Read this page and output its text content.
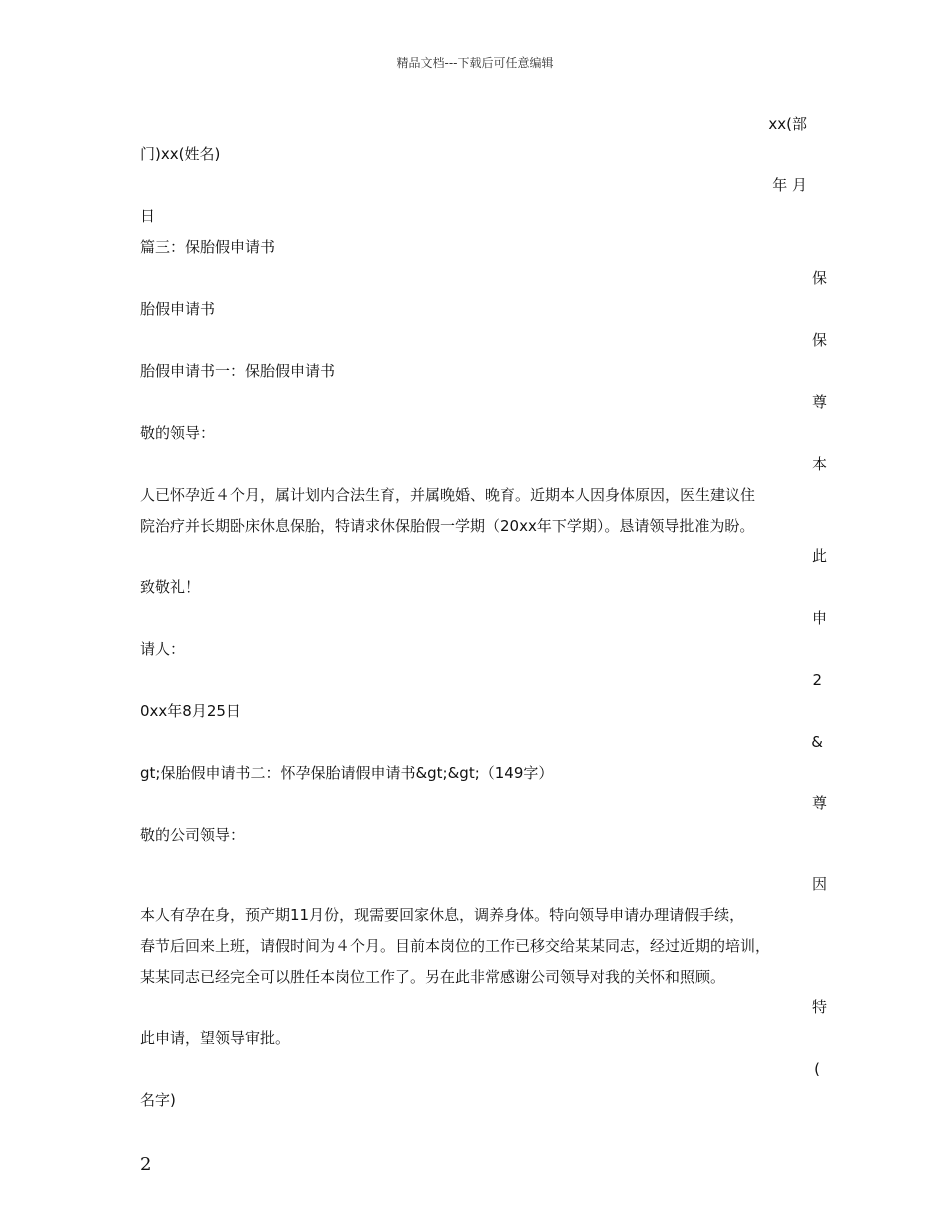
精品文档---下载后可任意编辑
xx(部
年 月
保
保
尊
本
此
申
2
&
尊
因
特
(
门)xx(姓名)
日
篇三：保胎假申请书
胎假申请书
胎假申请书一：保胎假申请书
敬的领导：
人已怀孕近４个月，属计划内合法生育，并属晚婚、晚育。近期本人因身体原因，医生建议住
院治疗并长期卧床休息保胎，特请求休保胎假一学期（20xx年下学期）。恳请领导批准为盼。
致敬礼！
请人：
0xx年8月25日
gt;保胎假申请书二：怀孕保胎请假申请书&gt;&gt;（149字）
敬的公司领导：
本人有孕在身，预产期11月份，现需要回家休息，调养身体。特向领导申请办理请假手续，
春节后回来上班，请假时间为４个月。目前本岗位的工作已移交给某某同志，经过近期的培训，
某某同志已经完全可以胜任本岗位工作了。另在此非常感谢公司领导对我的关怀和照顾。
此申请，望领导审批。
名字)
2
